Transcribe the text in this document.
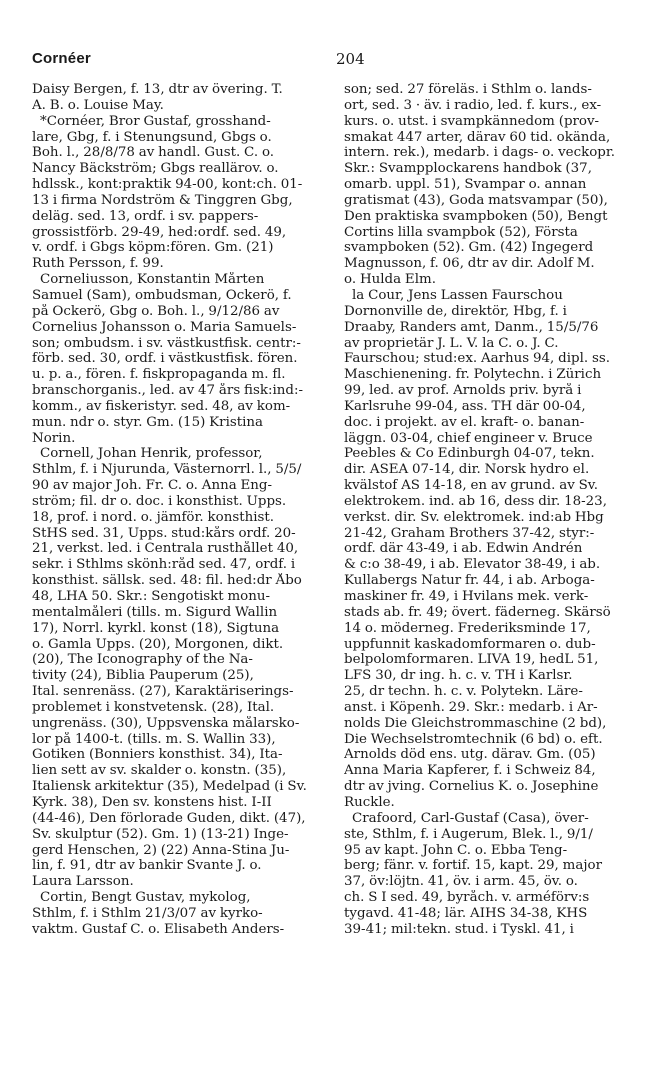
Cornéer	204
Daisy Bergen, f. 13, dtr av övering. T.
A. B. o. Louise May.
*Cornéer, Bror Gustaf, grosshand-
lare, Gbg, f. i Stenungsund, Gbgs o.
Boh. l., 28/8/78 av handl. Gust. C. o.
Nancy Bäckström; Gbgs reallärov. o.
hdlssk., kont:praktik 94-00, kont:ch. 01-
13 i firma Nordström & Tinggren Gbg,
deläg. sed. 13, ordf. i sv. pappers-
grossistförb. 29-49, hed:ordf. sed. 49,
v. ordf. i Gbgs köpm:fören. Gm. (21)
Ruth Persson, f. 99.
Corneliusson, Konstantin Mårten
Samuel (Sam), ombudsman, Öckerö, f.
på Öckerö, Gbg o. Boh. l., 9/12/86 av
Cornelius Johansson o. Maria Samuels-
son; ombudsm. i sv. västkustfisk. centr:-
förb. sed. 30, ordf. i västkustfisk. fören.
u. p. a., fören. f. fiskpropaganda m. fl.
branschorganis., led. av 47 års fisk:ind:-
komm., av fiskeristyr. sed. 48, av kom-
mun. ndr o. styr. Gm. (15) Kristina
Norin.
Cornell, Johan Henrik, professor,
Sthlm, f. i Njurunda, Västernorrl. l., 5/5/
90 av major Joh. Fr. C. o. Anna Eng-
ström; fil. dr o. doc. i konsthist. Upps.
18, prof. i nord. o. jämför. konsthist.
StHS sed. 31, Upps. stud:kårs ordf. 20-
21, verkst. led. i Centrala rusthållet 40,
sekr. i Sthlms skönh:råd sed. 47, ordf. i
konsthist. sällsk. sed. 48: fil. hed:dr Åbo
48, LHA 50. Skr.: Sengotiskt monu-
mentalmåleri (tills. m. Sigurd Wallin
17), Norrl. kyrkl. konst (18), Sigtuna
o. Gamla Upps. (20), Morgonen, dikt.
(20), The Iconography of the Na-
tivity (24), Biblia Pauperum (25),
Ital. senrenäss. (27), Karaktäriserings-
problemet i konstvetensk. (28), Ital.
ungrenäss. (30), Uppsvenska målarsko-
lor på 1400-t. (tills. m. S. Wallin 33),
Gotiken (Bonniers konsthist. 34), Ita-
lien sett av sv. skalder o. konstn. (35),
Italiensk arkitektur (35), Medelpad (i Sv.
Kyrk. 38), Den sv. konstens hist. I-II
(44-46), Den förlorade Guden, dikt. (47),
Sv. skulptur (52). Gm. 1) (13-21) Inge-
gerd Henschen, 2) (22) Anna-Stina Ju-
lin, f. 91, dtr av bankir Svante J. o.
Laura Larsson.
Cortin, Bengt Gustav, mykolog,
Sthlm, f. i Sthlm 21/3/07 av kyrko-
vaktm. Gustaf C. o. Elisabeth Anders-
son; sed. 27 föreläs. i Sthlm o. lands-
ort, sed. 3 · äv. i radio, led. f. kurs., ex-
kurs. o. utst. i svampkännedom (prov-
smakat 447 arter, därav 60 tid. okända,
intern. rek.), medarb. i dags- o. veckopr.
Skr.: Svampplockarens handbok (37,
omarb. uppl. 51), Svampar o. annan
gratismat (43), Goda matsvampar (50),
Den praktiska svampboken (50), Bengt
Cortins lilla svampbok (52), Första
svampboken (52). Gm. (42) Ingegerd
Magnusson, f. 06, dtr av dir. Adolf M.
o. Hulda Elm.
la Cour, Jens Lassen Faurschou
Dornonville de, direktör, Hbg, f. i
Draaby, Randers amt, Danm., 15/5/76
av proprietär J. L. V. la C. o. J. C.
Faurschou; stud:ex. Aarhus 94, dipl. ss.
Maschienening. fr. Polytechn. i Zürich
99, led. av prof. Arnolds priv. byrå i
Karlsruhe 99-04, ass. TH där 00-04,
doc. i projekt. av el. kraft- o. banan-
läggn. 03-04, chief engineer v. Bruce
Peebles & Co Edinburgh 04-07, tekn.
dir. ASEA 07-14, dir. Norsk hydro el.
kvälstof AS 14-18, en av grund. av Sv.
elektrokem. ind. ab 16, dess dir. 18-23,
verkst. dir. Sv. elektromek. ind:ab Hbg
21-42, Graham Brothers 37-42, styr:-
ordf. där 43-49, i ab. Edwin Andrén
& c:o 38-49, i ab. Elevator 38-49, i ab.
Kullabergs Natur fr. 44, i ab. Arboga-
maskiner fr. 49, i Hvilans mek. verk-
stads ab. fr. 49; övert. fäderneg. Skärsö
14 o. möderneg. Frederiksminde 17,
uppfunnit kaskadomformaren o. dub-
belpolomformaren. LIVA 19, hedL 51,
LFS 30, dr ing. h. c. v. TH i Karlsr.
25, dr techn. h. c. v. Polytekn. Läre-
anst. i Köpenh. 29. Skr.: medarb. i Ar-
nolds Die Gleichstrommaschine (2 bd),
Die Wechselstromtechnik (6 bd) o. eft.
Arnolds död ens. utg. därav. Gm. (05)
Anna Maria Kapferer, f. i Schweiz 84,
dtr av jving. Cornelius K. o. Josephine
Ruckle.
Crafoord, Carl-Gustaf (Casa), över-
ste, Sthlm, f. i Augerum, Blek. l., 9/1/
95 av kapt. John C. o. Ebba Teng-
berg; fänr. v. fortif. 15, kapt. 29, major
37, öv:löjtn. 41, öv. i arm. 45, öv. o.
ch. S I sed. 49, byråch. v. arméförv:s
tygavd. 41-48; lär. AIHS 34-38, KHS
39-41; mil:tekn. stud. i Tyskl. 41, i
